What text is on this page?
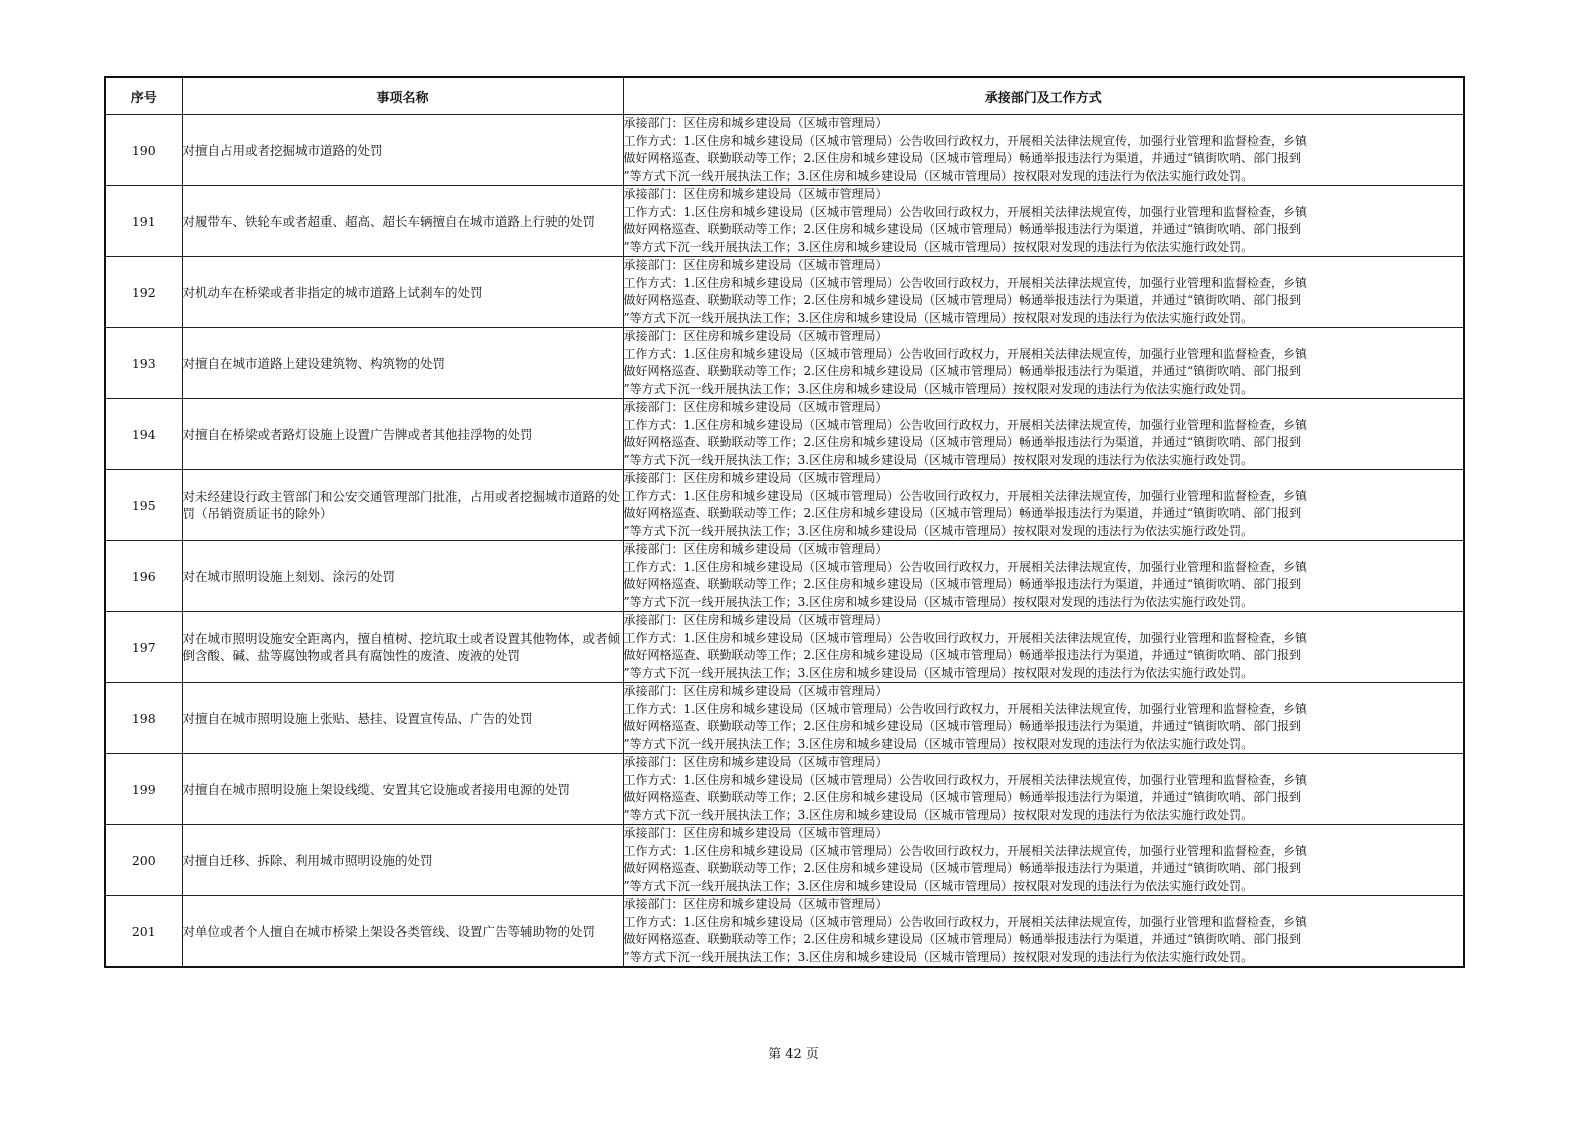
序号	事项名称	承接部门及工作方式
190	对擅自占用或者挖掘城市道路的处罚	承接部门：区住房和城乡建设局（区城市管理局）
工作方式：1.区住房和城乡建设局（区城市管理局）公告收回行政权力，开展相关法律法规宣传，加强行业管理和监督检查，乡镇
做好网格巡查、联勤联动等工作；2.区住房和城乡建设局（区城市管理局）畅通举报违法行为渠道，并通过“镇街吹哨、部门报到
”等方式下沉一线开展执法工作；3.区住房和城乡建设局（区城市管理局）按权限对发现的违法行为依法实施行政处罚。

191	对履带车、铁轮车或者超重、超高、超长车辆擅自在城市道路上行驶的处罚	承接部门：区住房和城乡建设局（区城市管理局）
工作方式：1.区住房和城乡建设局（区城市管理局）公告收回行政权力，开展相关法律法规宣传，加强行业管理和监督检查，乡镇
做好网格巡查、联勤联动等工作；2.区住房和城乡建设局（区城市管理局）畅通举报违法行为渠道，并通过“镇街吹哨、部门报到
”等方式下沉一线开展执法工作；3.区住房和城乡建设局（区城市管理局）按权限对发现的违法行为依法实施行政处罚。

192	对机动车在桥梁或者非指定的城市道路上试刹车的处罚	承接部门：区住房和城乡建设局（区城市管理局）
工作方式：1.区住房和城乡建设局（区城市管理局）公告收回行政权力，开展相关法律法规宣传，加强行业管理和监督检查，乡镇
做好网格巡查、联勤联动等工作；2.区住房和城乡建设局（区城市管理局）畅通举报违法行为渠道，并通过“镇街吹哨、部门报到
”等方式下沉一线开展执法工作；3.区住房和城乡建设局（区城市管理局）按权限对发现的违法行为依法实施行政处罚。

193	对擅自在城市道路上建设建筑物、构筑物的处罚	承接部门：区住房和城乡建设局（区城市管理局）
工作方式：1.区住房和城乡建设局（区城市管理局）公告收回行政权力，开展相关法律法规宣传，加强行业管理和监督检查，乡镇
做好网格巡查、联勤联动等工作；2.区住房和城乡建设局（区城市管理局）畅通举报违法行为渠道，并通过“镇街吹哨、部门报到
”等方式下沉一线开展执法工作；3.区住房和城乡建设局（区城市管理局）按权限对发现的违法行为依法实施行政处罚。

194	对擅自在桥梁或者路灯设施上设置广告牌或者其他挂浮物的处罚	承接部门：区住房和城乡建设局（区城市管理局）
工作方式：1.区住房和城乡建设局（区城市管理局）公告收回行政权力，开展相关法律法规宣传，加强行业管理和监督检查，乡镇
做好网格巡查、联勤联动等工作；2.区住房和城乡建设局（区城市管理局）畅通举报违法行为渠道，并通过“镇街吹哨、部门报到
”等方式下沉一线开展执法工作；3.区住房和城乡建设局（区城市管理局）按权限对发现的违法行为依法实施行政处罚。

195	对未经建设行政主管部门和公安交通管理部门批准，占用或者挖掘城市道路的处罚（吊销资质证书的除外）	承接部门：区住房和城乡建设局（区城市管理局）
工作方式：1.区住房和城乡建设局（区城市管理局）公告收回行政权力，开展相关法律法规宣传，加强行业管理和监督检查，乡镇
做好网格巡查、联勤联动等工作；2.区住房和城乡建设局（区城市管理局）畅通举报违法行为渠道，并通过“镇街吹哨、部门报到
”等方式下沉一线开展执法工作；3.区住房和城乡建设局（区城市管理局）按权限对发现的违法行为依法实施行政处罚。

196	对在城市照明设施上刻划、涂污的处罚	承接部门：区住房和城乡建设局（区城市管理局）
工作方式：1.区住房和城乡建设局（区城市管理局）公告收回行政权力，开展相关法律法规宣传，加强行业管理和监督检查，乡镇
做好网格巡查、联勤联动等工作；2.区住房和城乡建设局（区城市管理局）畅通举报违法行为渠道，并通过“镇街吹哨、部门报到
”等方式下沉一线开展执法工作；3.区住房和城乡建设局（区城市管理局）按权限对发现的违法行为依法实施行政处罚。

197	对在城市照明设施安全距离内，擅自植树、挖坑取土或者设置其他物体，或者倾倒含酸、碱、盐等腐蚀物或者具有腐蚀性的废渣、废液的处罚	承接部门：区住房和城乡建设局（区城市管理局）
工作方式：1.区住房和城乡建设局（区城市管理局）公告收回行政权力，开展相关法律法规宣传，加强行业管理和监督检查，乡镇
做好网格巡查、联勤联动等工作；2.区住房和城乡建设局（区城市管理局）畅通举报违法行为渠道，并通过“镇街吹哨、部门报到
”等方式下沉一线开展执法工作；3.区住房和城乡建设局（区城市管理局）按权限对发现的违法行为依法实施行政处罚。

198	对擅自在城市照明设施上张贴、悬挂、设置宣传品、广告的处罚	承接部门：区住房和城乡建设局（区城市管理局）
工作方式：1.区住房和城乡建设局（区城市管理局）公告收回行政权力，开展相关法律法规宣传，加强行业管理和监督检查，乡镇
做好网格巡查、联勤联动等工作；2.区住房和城乡建设局（区城市管理局）畅通举报违法行为渠道，并通过“镇街吹哨、部门报到
”等方式下沉一线开展执法工作；3.区住房和城乡建设局（区城市管理局）按权限对发现的违法行为依法实施行政处罚。

199	对擅自在城市照明设施上架设线缆、安置其它设施或者接用电源的处罚	承接部门：区住房和城乡建设局（区城市管理局）
工作方式：1.区住房和城乡建设局（区城市管理局）公告收回行政权力，开展相关法律法规宣传，加强行业管理和监督检查，乡镇
做好网格巡查、联勤联动等工作；2.区住房和城乡建设局（区城市管理局）畅通举报违法行为渠道，并通过“镇街吹哨、部门报到
”等方式下沉一线开展执法工作；3.区住房和城乡建设局（区城市管理局）按权限对发现的违法行为依法实施行政处罚。

200	对擅自迁移、拆除、利用城市照明设施的处罚	承接部门：区住房和城乡建设局（区城市管理局）
工作方式：1.区住房和城乡建设局（区城市管理局）公告收回行政权力，开展相关法律法规宣传，加强行业管理和监督检查，乡镇
做好网格巡查、联勤联动等工作；2.区住房和城乡建设局（区城市管理局）畅通举报违法行为渠道，并通过“镇街吹哨、部门报到
”等方式下沉一线开展执法工作；3.区住房和城乡建设局（区城市管理局）按权限对发现的违法行为依法实施行政处罚。

201	对单位或者个人擅自在城市桥梁上架设各类管线、设置广告等辅助物的处罚	承接部门：区住房和城乡建设局（区城市管理局）
工作方式：1.区住房和城乡建设局（区城市管理局）公告收回行政权力，开展相关法律法规宣传，加强行业管理和监督检查，乡镇
做好网格巡查、联勤联动等工作；2.区住房和城乡建设局（区城市管理局）畅通举报违法行为渠道，并通过“镇街吹哨、部门报到
”等方式下沉一线开展执法工作；3.区住房和城乡建设局（区城市管理局）按权限对发现的违法行为依法实施行政处罚。
第 42 页
